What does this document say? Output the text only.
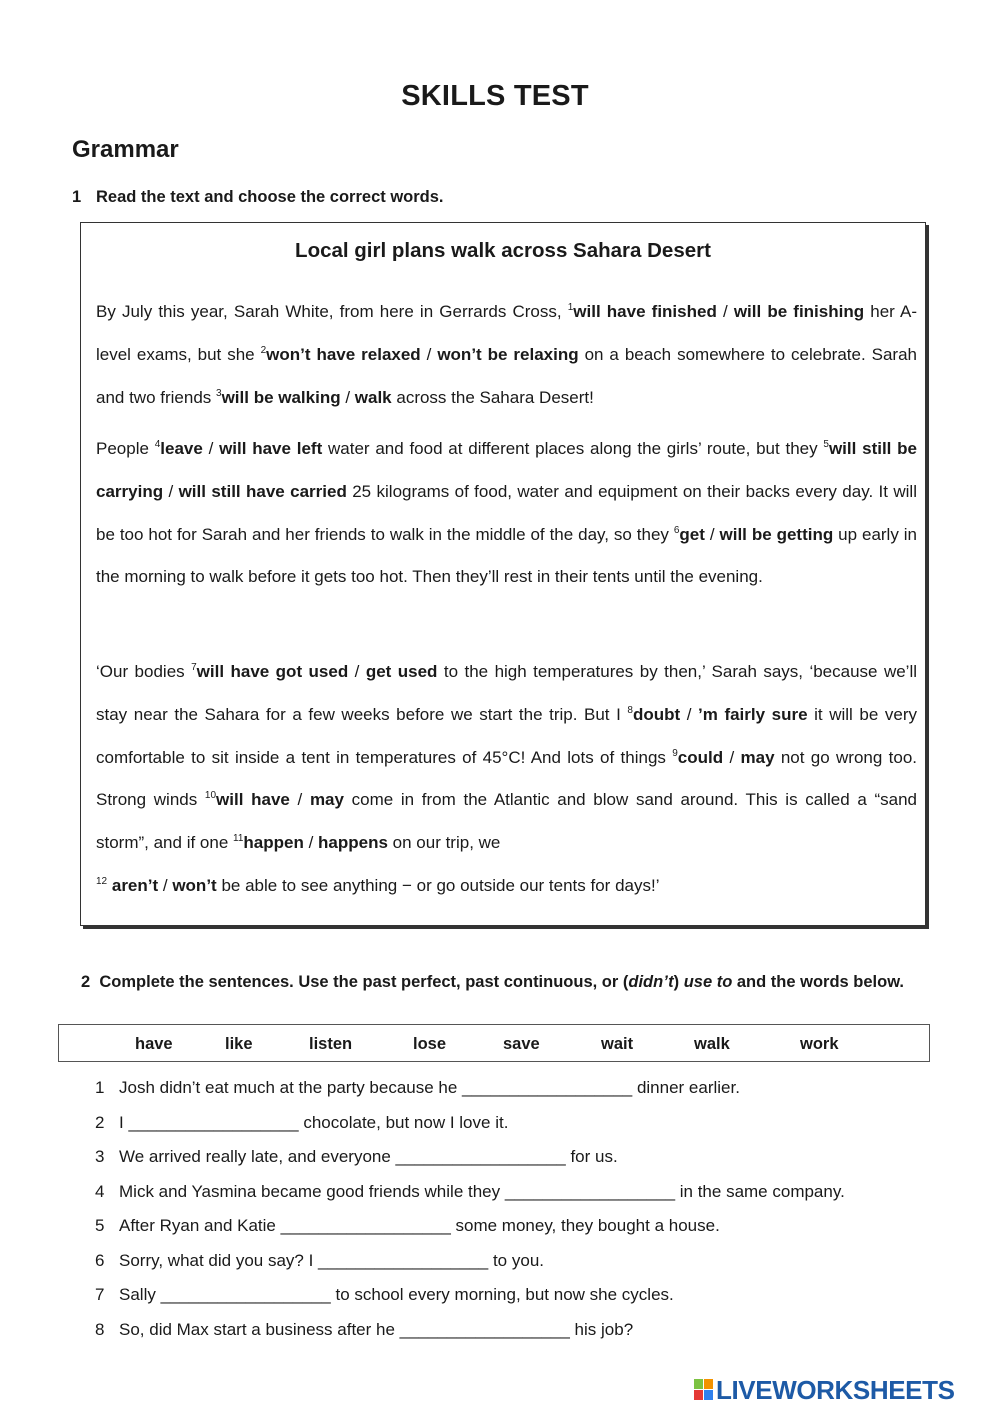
SKILLS TEST
Grammar
1 Read the text and choose the correct words.
Local girl plans walk across Sahara Desert
By July this year, Sarah White, from here in Gerrards Cross, $^1$will have finished / will be finishing her A-level exams, but she $^2$won’t have relaxed / won’t be relaxing on a beach somewhere to celebrate. Sarah and two friends $^3$will be walking / walk across the Sahara Desert!
People $^4$leave / will have left water and food at different places along the girls’ route, but they $^5$will still be carrying / will still have carried 25 kilograms of food, water and equipment on their backs every day. It will be too hot for Sarah and her friends to walk in the middle of the day, so they $^6$get / will be getting up early in the morning to walk before it gets too hot. Then they’ll rest in their tents until the evening.
‘Our bodies $^7$will have got used / get used to the high temperatures by then,’ Sarah says, ‘because we’ll stay near the Sahara for a few weeks before we start the trip. But I $^8$doubt / ’m fairly sure it will be very comfortable to sit inside a tent in temperatures of 45°C! And lots of things $^9$could / may not go wrong too. Strong winds $^{10}$will have / may come in from the Atlantic and blow sand around. This is called a “sand storm”, and if one $^{11}$happen / happens on our trip, we
$^{12}$ aren’t / won’t be able to see anything − or go outside our tents for days!’
2 Complete the sentences. Use the past perfect, past continuous, or (didn’t) use to and the words below.
have	like	listen	lose	save	wait	walk	work
1 Josh didn’t eat much at the party because he __________________ dinner earlier.
2 I __________________ chocolate, but now I love it.
3 We arrived really late, and everyone __________________ for us.
4 Mick and Yasmina became good friends while they __________________ in the same company.
5 After Ryan and Katie __________________ some money, they bought a house.
6 Sorry, what did you say? I __________________ to you.
7 Sally __________________ to school every morning, but now she cycles.
8 So, did Max start a business after he __________________ his job?
LIVEWORKSHEETS
